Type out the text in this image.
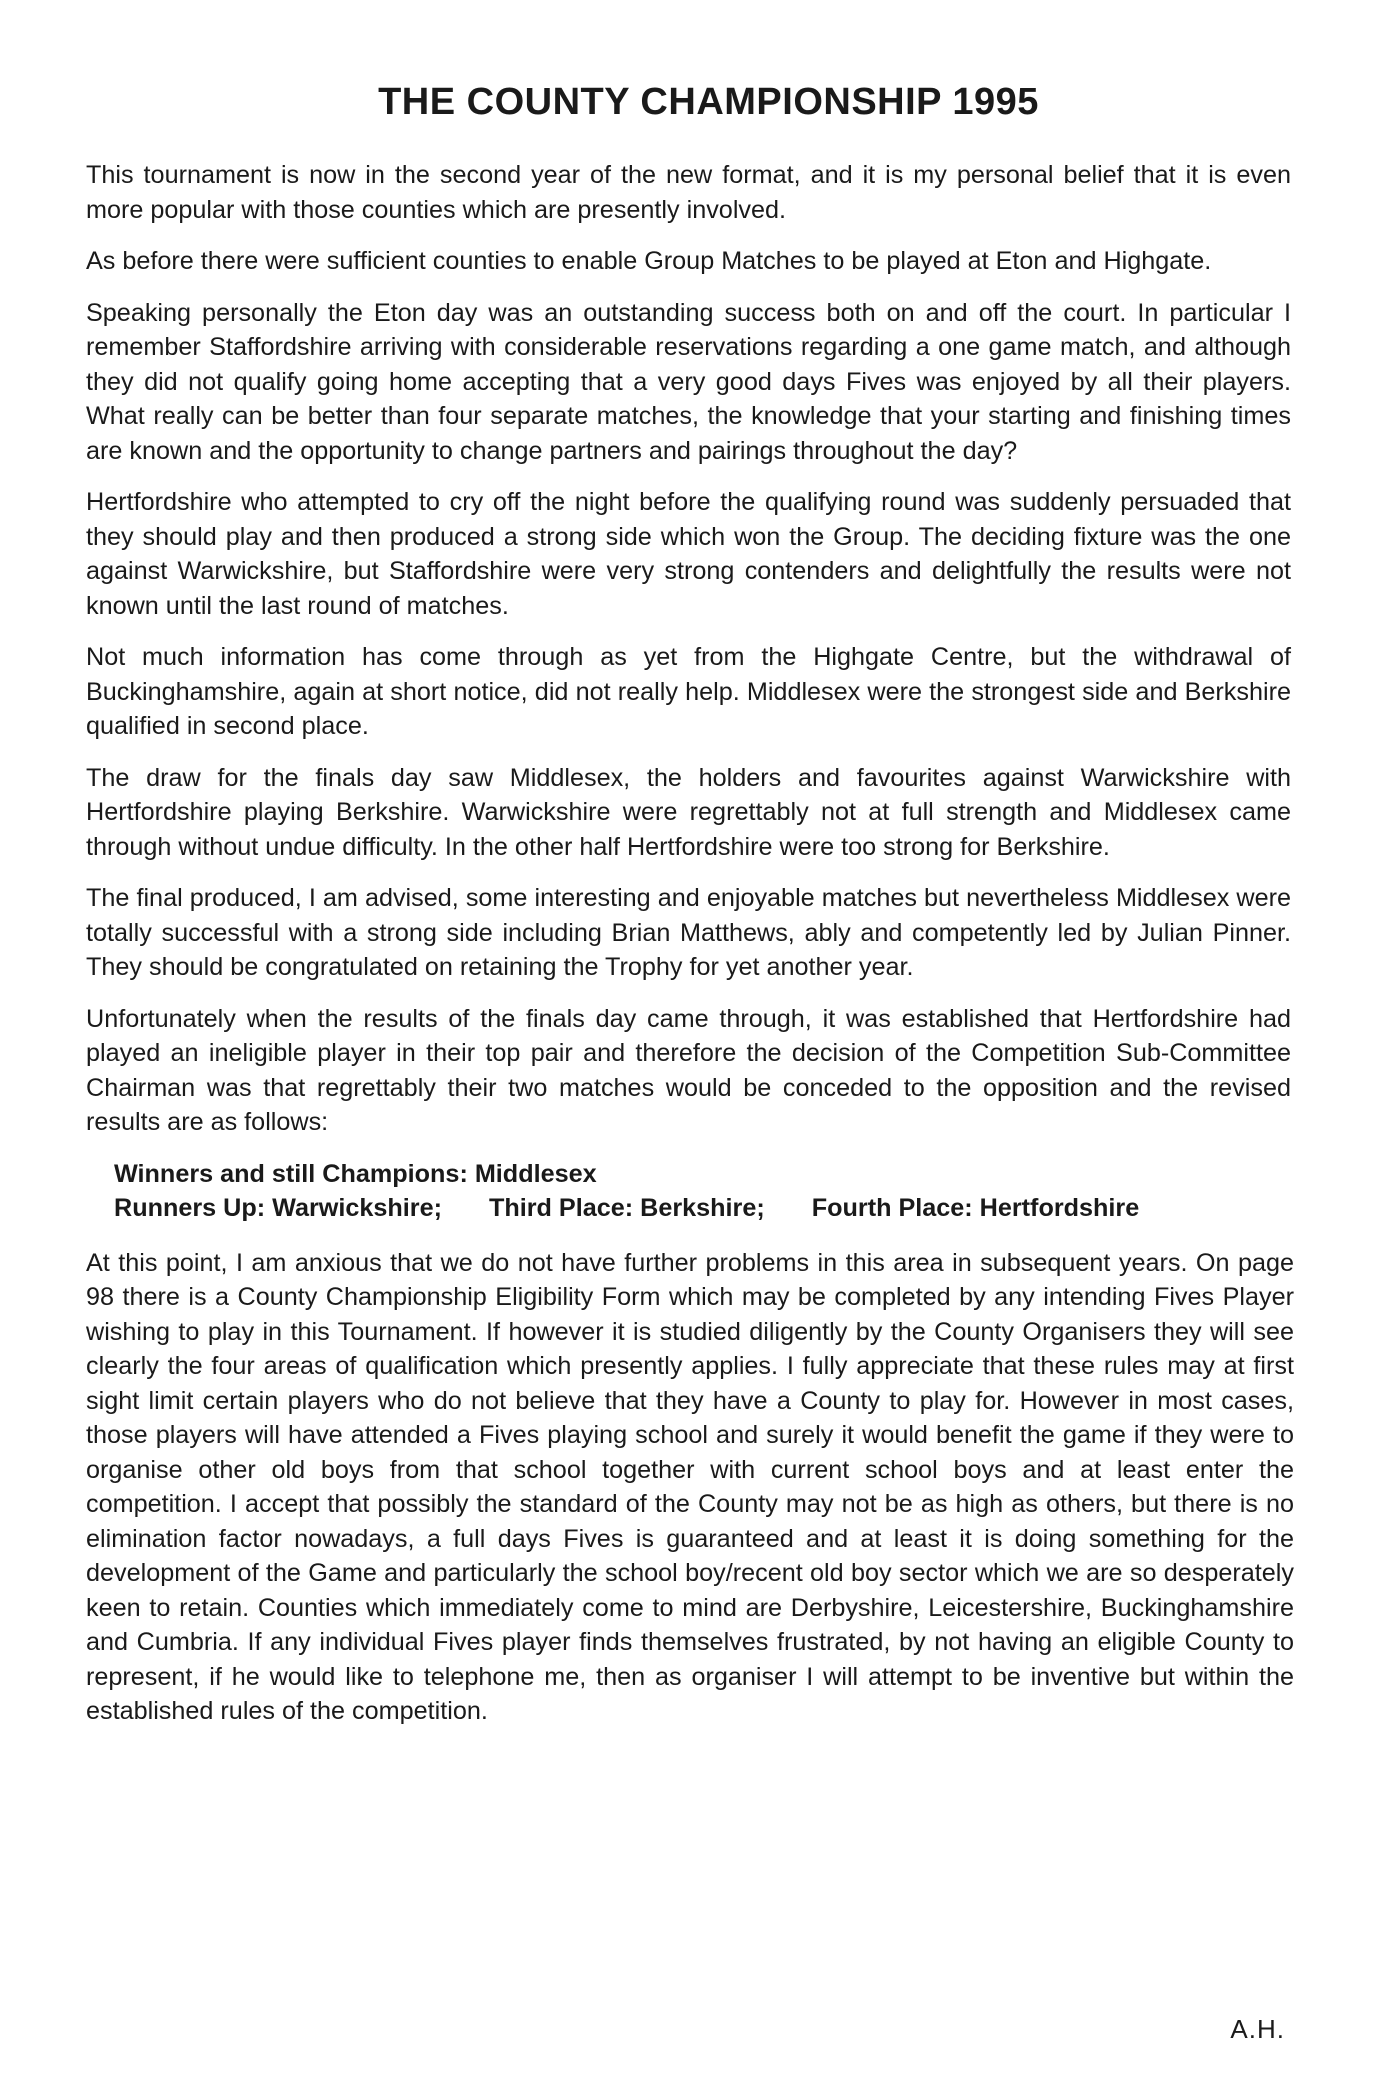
THE COUNTY CHAMPIONSHIP 1995

This tournament is now in the second year of the new format, and it is my personal belief that it is even more popular with those counties which are presently involved.

As before there were sufficient counties to enable Group Matches to be played at Eton and Highgate.

Speaking personally the Eton day was an outstanding success both on and off the court. In particular I remember Staffordshire arriving with considerable reservations regarding a one game match, and although they did not qualify going home accepting that a very good days Fives was enjoyed by all their players. What really can be better than four separate matches, the knowledge that your starting and finishing times are known and the opportunity to change partners and pairings throughout the day?

Hertfordshire who attempted to cry off the night before the qualifying round was suddenly persuaded that they should play and then produced a strong side which won the Group. The deciding fixture was the one against Warwickshire, but Staffordshire were very strong contenders and delightfully the results were not known until the last round of matches.

Not much information has come through as yet from the Highgate Centre, but the withdrawal of Buckinghamshire, again at short notice, did not really help. Middlesex were the strongest side and Berkshire qualified in second place.

The draw for the finals day saw Middlesex, the holders and favourites against Warwickshire with Hertfordshire playing Berkshire. Warwickshire were regrettably not at full strength and Middlesex came through without undue difficulty. In the other half Hertfordshire were too strong for Berkshire.

The final produced, I am advised, some interesting and enjoyable matches but nevertheless Middlesex were totally successful with a strong side including Brian Matthews, ably and competently led by Julian Pinner. They should be congratulated on retaining the Trophy for yet another year.

Unfortunately when the results of the finals day came through, it was established that Hertfordshire had played an ineligible player in their top pair and therefore the decision of the Competition Sub-Committee Chairman was that regrettably their two matches would be conceded to the opposition and the revised results are as follows:

Winners and still Champions: Middlesex
Runners Up: Warwickshire; Third Place: Berkshire; Fourth Place: Hertfordshire

At this point, I am anxious that we do not have further problems in this area in subsequent years. On page 98 there is a County Championship Eligibility Form which may be completed by any intending Fives Player wishing to play in this Tournament. If however it is studied diligently by the County Organisers they will see clearly the four areas of qualification which presently applies. I fully appreciate that these rules may at first sight limit certain players who do not believe that they have a County to play for. However in most cases, those players will have attended a Fives playing school and surely it would benefit the game if they were to organise other old boys from that school together with current school boys and at least enter the competition. I accept that possibly the standard of the County may not be as high as others, but there is no elimination factor nowadays, a full days Fives is guaranteed and at least it is doing something for the development of the Game and particularly the school boy/recent old boy sector which we are so desperately keen to retain. Counties which immediately come to mind are Derbyshire, Leicestershire, Buckinghamshire and Cumbria. If any individual Fives player finds themselves frustrated, by not having an eligible County to represent, if he would like to telephone me, then as organiser I will attempt to be inventive but within the established rules of the competition.

A.H.
